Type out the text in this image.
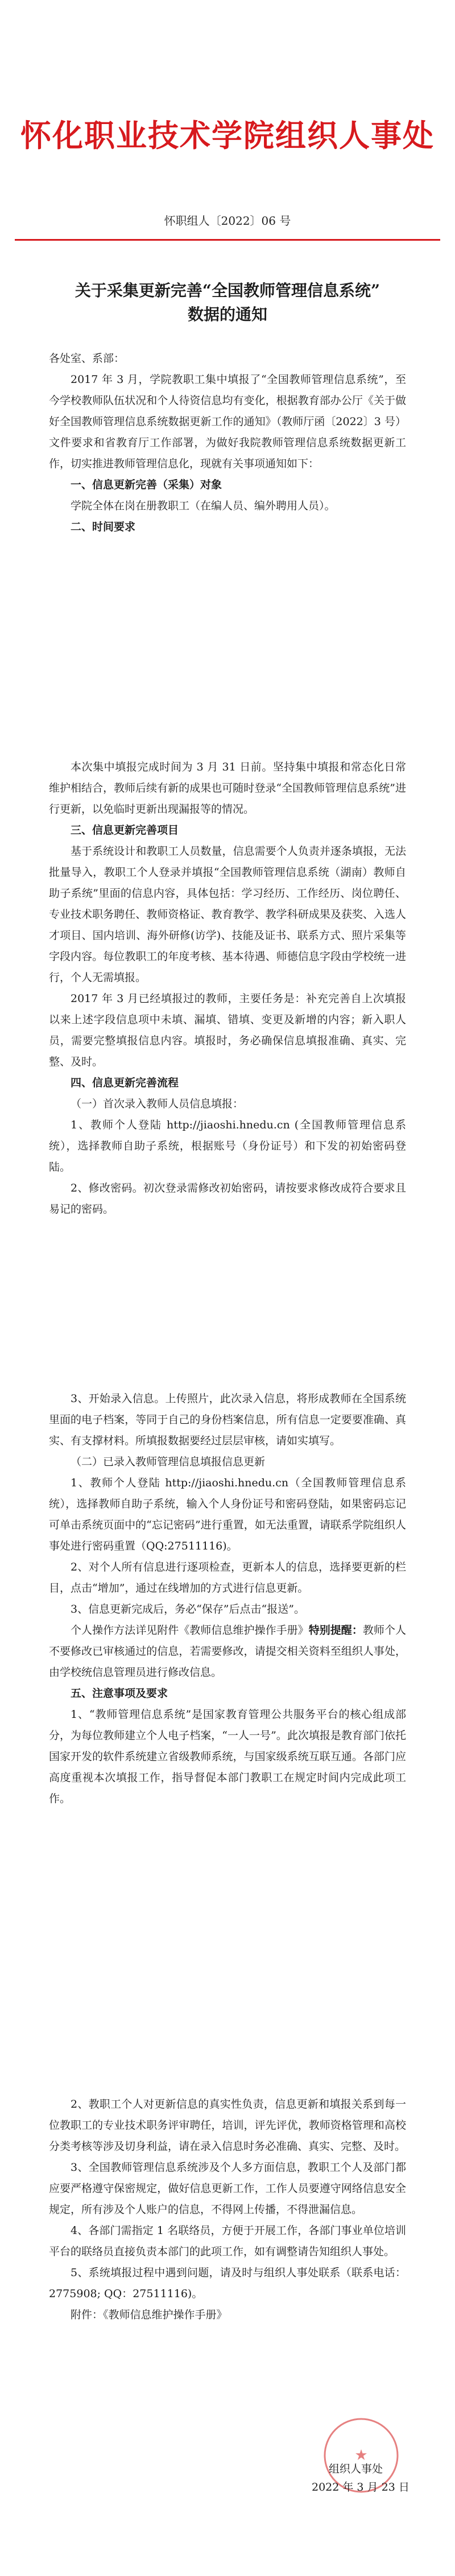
怀化职业技术学院组织人事处
怀职组人〔2022〕06 号
关于采集更新完善“全国教师管理信息系统”
数据的通知

各处室、系部：

2017 年 3 月，学院教职工集中填报了“全国教师管理信息系统”，至今学校教师队伍状况和个人待资信息均有变化，根据教育部办公厅《关于做好全国教师管理信息系统数据更新工作的通知》（教师厅函〔2022〕3 号）文件要求和省教育厅工作部署，为做好我院教师管理信息系统数据更新工作，切实推进教师管理信息化，现就有关事项通知如下：

一、信息更新完善（采集）对象

学院全体在岗在册教职工（在编人员、编外聘用人员）。

二、时间要求

本次集中填报完成时间为 3 月 31 日前。坚持集中填报和常态化日常维护相结合，教师后续有新的成果也可随时登录“全国教师管理信息系统”进行更新，以免临时更新出现漏报等的情况。

三、信息更新完善项目

基于系统设计和教职工人员数量，信息需要个人负责并逐条填报，无法批量导入，教职工个人登录并填报“全国教师管理信息系统（湖南）教师自助子系统”里面的信息内容，具体包括：学习经历、工作经历、岗位聘任、专业技术职务聘任、教师资格证、教育教学、教学科研成果及获奖、入选人才项目、国内培训、海外研修(访学)、技能及证书、联系方式、照片采集等字段内容。每位教职工的年度考核、基本待遇、师德信息字段由学校统一进行，个人无需填报。

2017 年 3 月已经填报过的教师，主要任务是：补充完善自上次填报以来上述字段信息项中未填、漏填、错填、变更及新增的内容；新入职人员，需要完整填报信息内容。填报时，务必确保信息填报准确、真实、完整、及时。

四、信息更新完善流程

（一）首次录入教师人员信息填报：

1、教师个人登陆 http://jiaoshi.hnedu.cn (全国教师管理信息系统），选择教师自助子系统，根据账号（身份证号）和下发的初始密码登陆。

2、修改密码。初次登录需修改初始密码，请按要求修改成符合要求且易记的密码。

3、开始录入信息。上传照片，此次录入信息，将形成教师在全国系统里面的电子档案，等同于自己的身份档案信息，所有信息一定要要准确、真实、有支撑材料。所填报数据要经过层层审核，请如实填写。

（二）已录入教师管理信息填报信息更新

1、教师个人登陆 http://jiaoshi.hnedu.cn（全国教师管理信息系统），选择教师自助子系统，输入个人身份证号和密码登陆，如果密码忘记可单击系统页面中的“忘记密码”进行重置，如无法重置，请联系学院组织人事处进行密码重置（QQ:27511116)。

2、对个人所有信息进行逐项检查，更新本人的信息，选择要更新的栏目，点击“增加”，通过在线增加的方式进行信息更新。

3、信息更新完成后，务必“保存”后点击“报送”。

个人操作方法详见附件《教师信息维护操作手册》特别提醒：教师个人不要修改已审核通过的信息，若需要修改，请提交相关资料至组织人事处，由学校统信息管理员进行修改信息。

五、注意事项及要求

1、“教师管理信息系统”是国家教育管理公共服务平台的核心组成部分，为每位教师建立个人电子档案，“一人一号”。此次填报是教育部门依托国家开发的软件系统建立省级教师系统，与国家级系统互联互通。各部门应高度重视本次填报工作，指导督促本部门教职工在规定时间内完成此项工作。

2、教职工个人对更新信息的真实性负责，信息更新和填报关系到每一位教职工的专业技术职务评审聘任，培训，评先评优，教师资格管理和高校分类考核等涉及切身利益，请在录入信息时务必准确、真实、完整、及时。

3、全国教师管理信息系统涉及个人多方面信息，教职工个人及部门都应要严格遵守保密规定，做好信息更新工作，工作人员要遵守网络信息安全规定，所有涉及个人账户的信息，不得网上传播，不得泄漏信息。

4、各部门需指定 1 名联络员，方便于开展工作，各部门事业单位培训平台的联络员直接负责本部门的此项工作，如有调整请告知组织人事处。

5、系统填报过程中遇到问题，请及时与组织人事处联系（联系电话：2775908; QQ：27511116)。

附件：《教师信息维护操作手册》

★
组织人事处
2022 年 3 月 23 日
